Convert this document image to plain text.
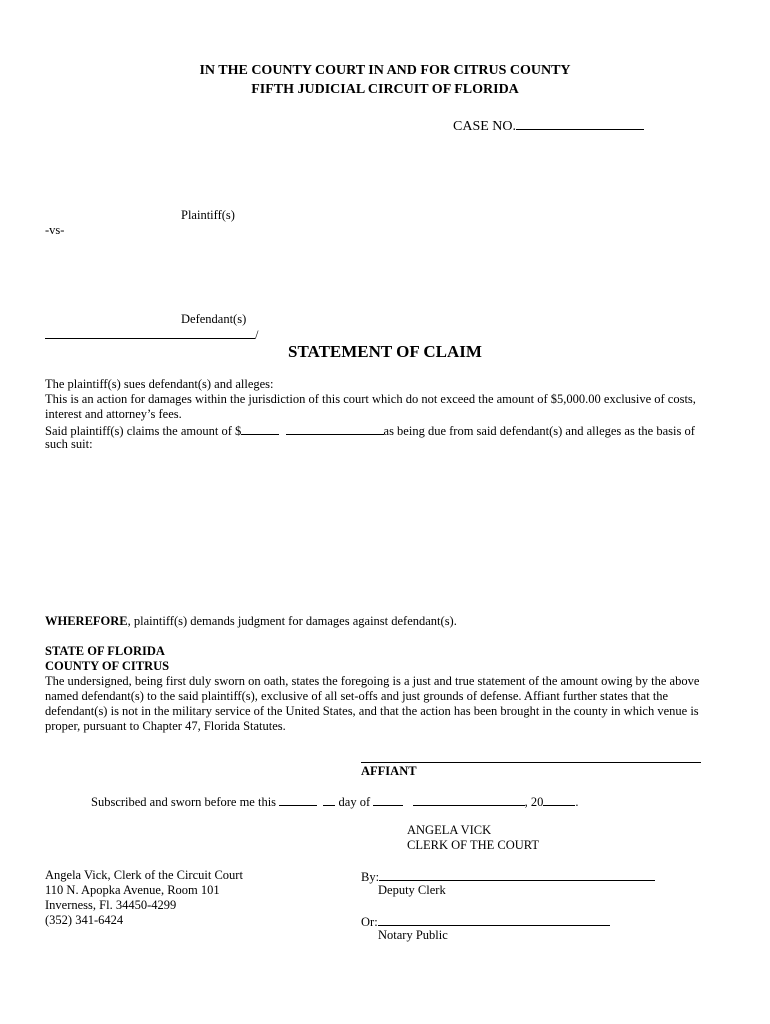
IN THE COUNTY COURT IN AND FOR CITRUS COUNTY
FIFTH JUDICIAL CIRCUIT OF FLORIDA
CASE NO.
Plaintiff(s)
-vs-
Defendant(s)
/
STATEMENT OF CLAIM
The plaintiff(s) sues defendant(s) and alleges:
This is an action for damages within the jurisdiction of this court which do not exceed the amount of $5,000.00 exclusive of costs,
interest and attorney’s fees.
Said plaintiff(s) claims the amount of $	as being due from said defendant(s) and alleges as the basis of
such suit:
WHEREFORE, plaintiff(s) demands judgment for damages against defendant(s).
STATE OF FLORIDA
COUNTY OF CITRUS
The undersigned, being first duly sworn on oath, states the foregoing is a just and true statement of the amount owing by the above
named defendant(s) to the said plaintiff(s), exclusive of all set-offs and just grounds of defense. Affiant further states that the
defendant(s) is not in the military service of the United States, and that the action has been brought in the county in which venue is
proper, pursuant to Chapter 47, Florida Statutes.
AFFIANT
Subscribed and sworn before me this	day of	, 20	.
ANGELA VICK
CLERK OF THE COURT
Angela Vick, Clerk of the Circuit Court
110 N. Apopka Avenue, Room 101
Inverness, Fl. 34450-4299
(352) 341-6424
By:
Deputy Clerk
Or:
Notary Public
